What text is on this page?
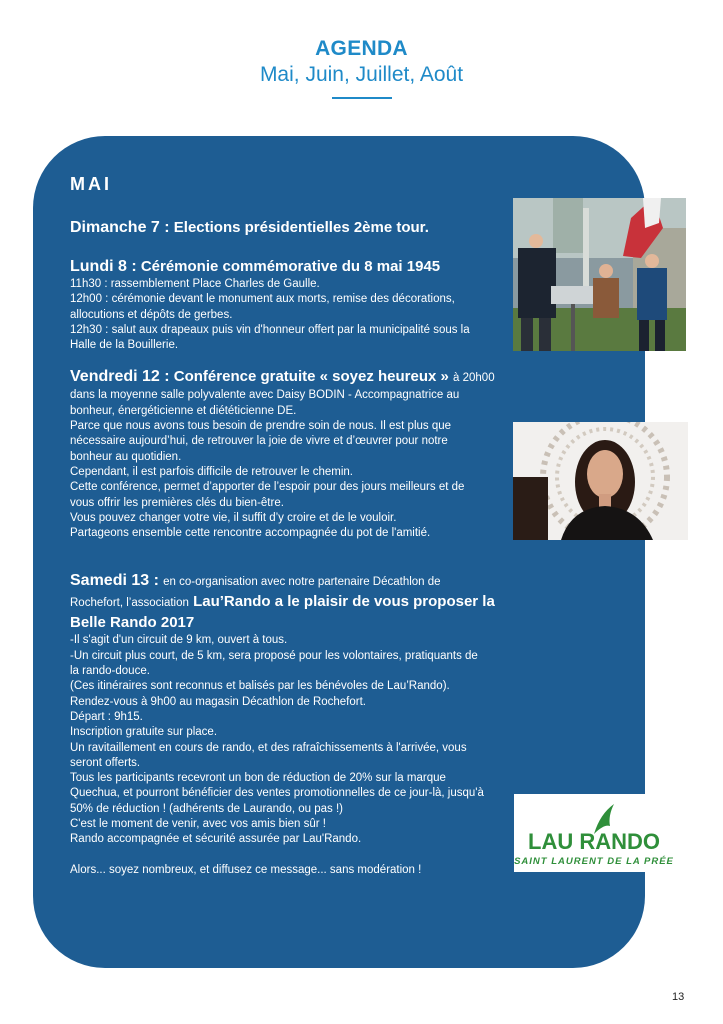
AGENDA
Mai, Juin, Juillet, Août
MAI
Dimanche 7 : Elections présidentielles 2ème tour.
Lundi 8 : Cérémonie commémorative du 8 mai 1945
11h30 : rassemblement Place Charles de Gaulle.
12h00 : cérémonie devant le monument aux morts, remise des décorations,
allocutions et dépôts de gerbes.
12h30 : salut aux drapeaux puis vin d'honneur offert par la municipalité sous la
Halle de la Bouillerie.
Vendredi 12 : Conférence gratuite « soyez heureux » à 20h00
dans la moyenne salle polyvalente avec Daisy BODIN - Accompagnatrice au
bonheur, énergéticienne et diététicienne DE.
Parce que nous avons tous besoin de prendre soin de nous. Il est plus que
nécessaire aujourd’hui, de retrouver la joie de vivre et d’œuvrer pour notre
bonheur au quotidien.
Cependant, il est parfois difficile de retrouver le chemin.
Cette conférence, permet d’apporter de l’espoir pour des jours meilleurs et de
vous offrir les premières clés du bien-être.
Vous pouvez changer votre vie, il suffit d’y croire et de le vouloir.
Partageons ensemble cette rencontre accompagnée du pot de l'amitié.
Samedi 13 : en co-organisation avec notre partenaire Décathlon de
Rochefort, l’association Lau’Rando a le plaisir de vous proposer la
Belle Rando 2017
-Il s'agit d'un circuit de 9 km, ouvert à tous.
-Un circuit plus court, de 5 km, sera proposé pour les volontaires, pratiquants de
la rando-douce.
(Ces itinéraires sont reconnus et balisés par les bénévoles de Lau’Rando).
Rendez-vous à 9h00 au magasin Décathlon de Rochefort.
Départ : 9h15.
Inscription gratuite sur place.
Un ravitaillement en cours de rando, et des rafraîchissements à l'arrivée, vous
seront offerts.
Tous les participants recevront un bon de réduction de 20% sur la marque
Quechua, et pourront bénéficier des ventes promotionnelles de ce jour-là, jusqu'à
50% de réduction ! (adhérents de Laurando, ou pas !)
C'est le moment de venir, avec vos amis bien sûr !
Rando accompagnée et sécurité assurée par Lau'Rando.
Alors... soyez nombreux, et diffusez ce message... sans modération !
LAU RANDO
SAINT LAURENT DE LA PRÉE
13
